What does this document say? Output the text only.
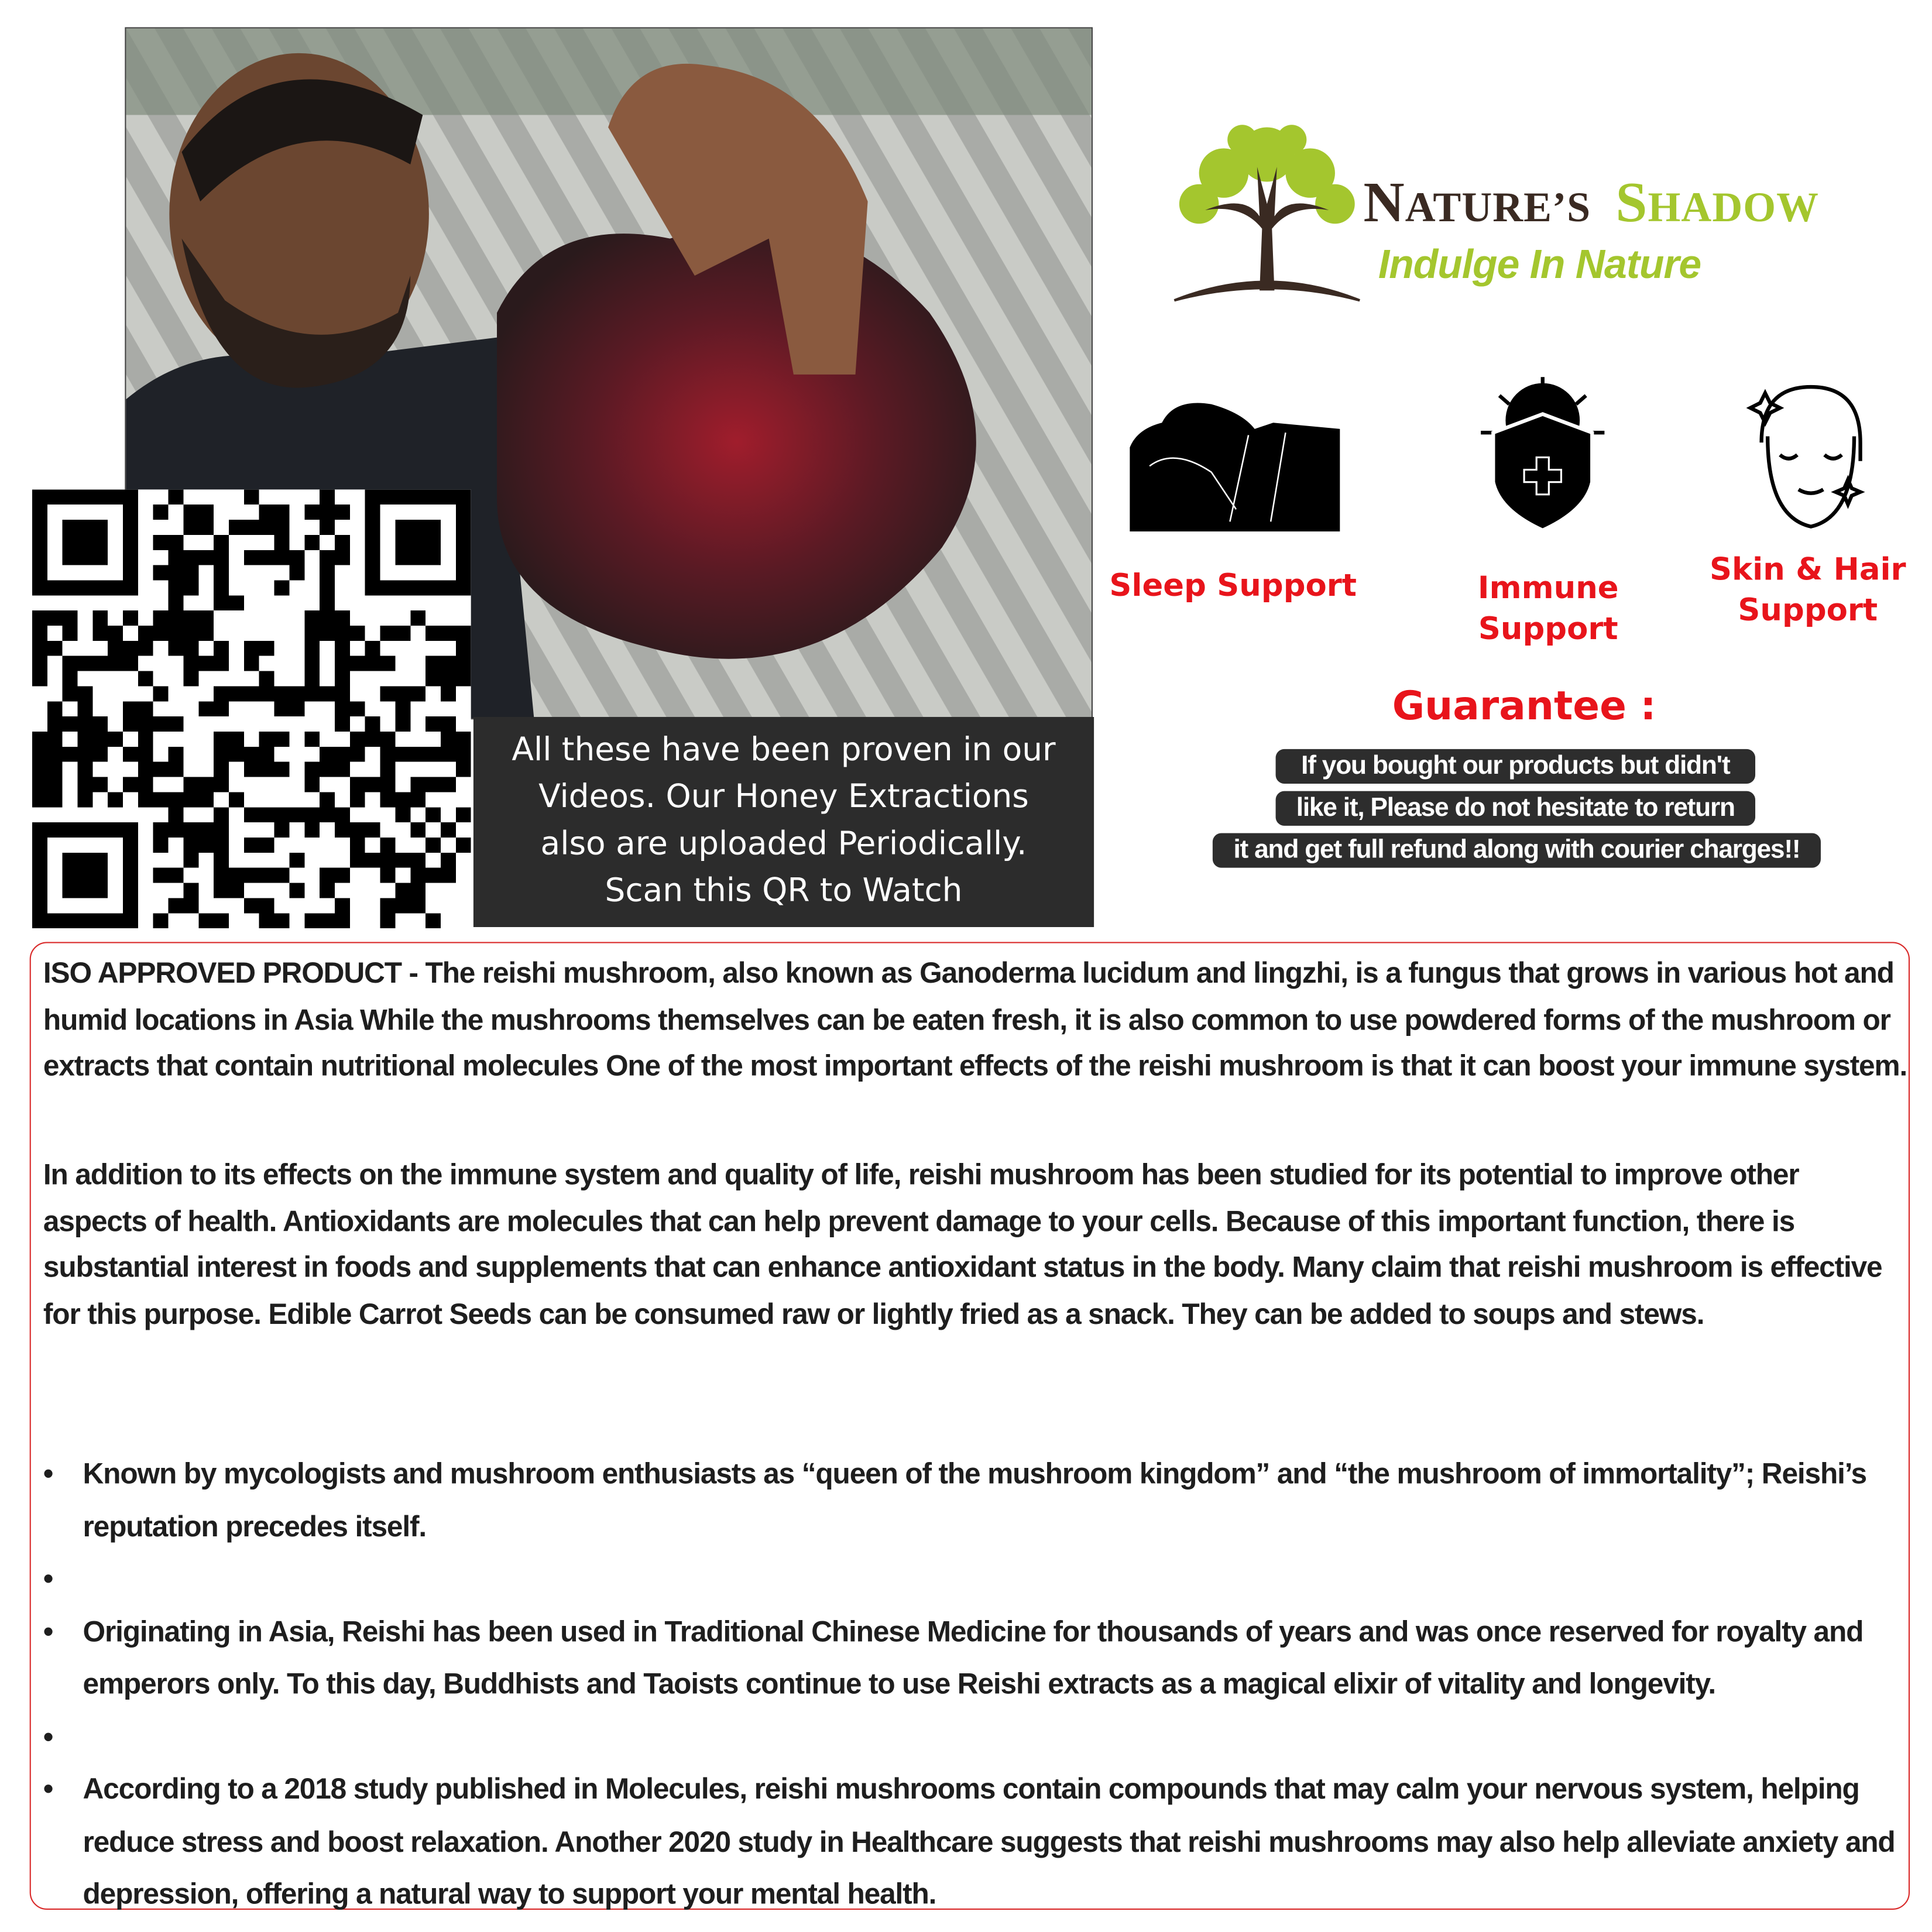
All these have been proven in our
Videos. Our Honey Extractions
also are uploaded Periodically.
Scan this QR to Watch
NATURE’S SHADOW
Indulge In Nature
Sleep Support	Immune Support
Skin & Hair
Support
Guarantee :
If you bought our products but didn't
like it, Please do not hesitate to return
it and get full refund along with courier charges!!
ISO APPROVED PRODUCT - The reishi mushroom, also known as Ganoderma lucidum and lingzhi, is a fungus that grows in various hot and humid locations in Asia While the mushrooms themselves can be eaten fresh, it is also common to use powdered forms of the mushroom or extracts that contain nutritional molecules One of the most important effects of the reishi mushroom is that it can boost your immune system.
In addition to its effects on the immune system and quality of life, reishi mushroom has been studied for its potential to improve other aspects of health. Antioxidants are molecules that can help prevent damage to your cells. Because of this important function, there is substantial interest in foods and supplements that can enhance antioxidant status in the body. Many claim that reishi mushroom is effective for this purpose. Edible Carrot Seeds can be consumed raw or lightly fried as a snack. They can be added to soups and stews.
• Known by mycologists and mushroom enthusiasts as “queen of the mushroom kingdom” and “the mushroom of immortality”; Reishi’s reputation precedes itself.
•
• Originating in Asia, Reishi has been used in Traditional Chinese Medicine for thousands of years and was once reserved for royalty and emperors only. To this day, Buddhists and Taoists continue to use Reishi extracts as a magical elixir of vitality and longevity.
•
• According to a 2018 study published in Molecules, reishi mushrooms contain compounds that may calm your nervous system, helping reduce stress and boost relaxation. Another 2020 study in Healthcare suggests that reishi mushrooms may also help alleviate anxiety and depression, offering a natural way to support your mental health.
